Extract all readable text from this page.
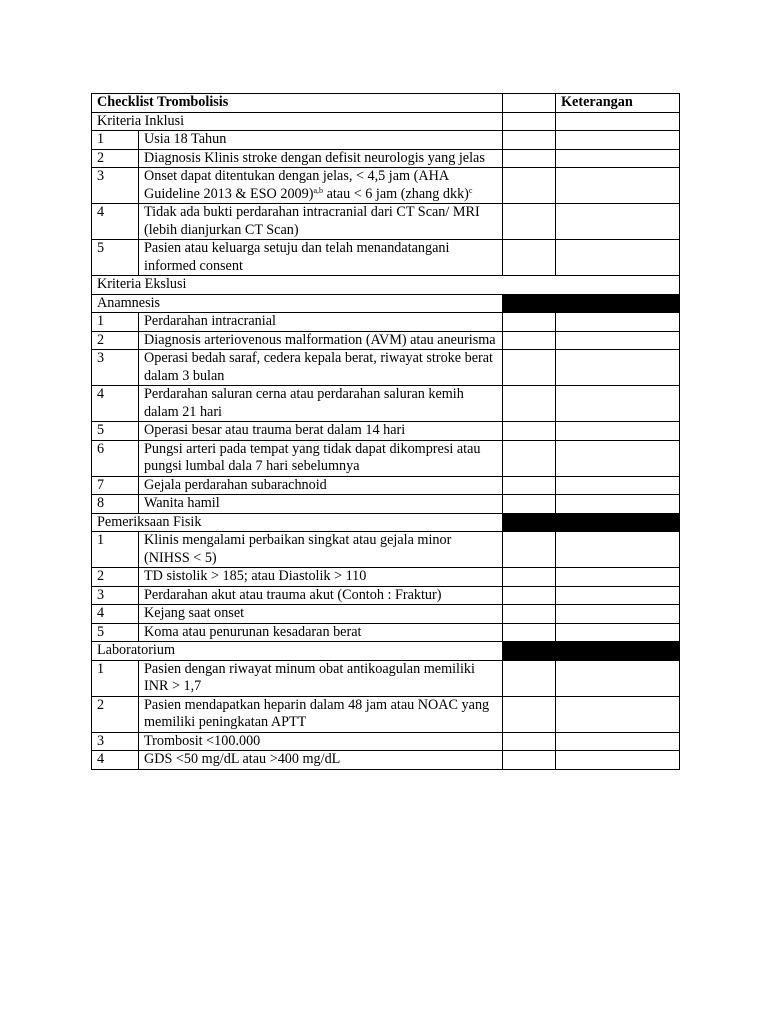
Checklist Trombolisis			Keterangan
Kriteria Inklusi			
1	Usia 18 Tahun		
2	Diagnosis Klinis stroke dengan defisit neurologis yang jelas		
3	Onset dapat ditentukan dengan jelas, < 4,5 jam (AHA Guideline 2013 & ESO 2009)$^{a,b}$ atau < 6 jam (zhang dkk)$^c$		
4	Tidak ada bukti perdarahan intracranial dari CT Scan/ MRI (lebih dianjurkan CT Scan)		
5	Pasien atau keluarga setuju dan telah menandatangani informed consent		
Kriteria Ekslusi			
Anamnesis			
1	Perdarahan intracranial		
2	Diagnosis arteriovenous malformation (AVM) atau aneurisma		
3	Operasi bedah saraf, cedera kepala berat, riwayat stroke berat dalam 3 bulan		
4	Perdarahan saluran cerna atau perdarahan saluran kemih dalam 21 hari		
5	Operasi besar atau trauma berat dalam 14 hari		
6	Pungsi arteri pada tempat yang tidak dapat dikompresi atau pungsi lumbal dala 7 hari sebelumnya		
7	Gejala perdarahan subarachnoid		
8	Wanita hamil		
Pemeriksaan Fisik			
1	Klinis mengalami perbaikan singkat atau gejala minor (NIHSS < 5)		
2	TD sistolik > 185; atau Diastolik > 110		
3	Perdarahan akut atau trauma akut (Contoh : Fraktur)		
4	Kejang saat onset		
5	Koma atau penurunan kesadaran berat		
Laboratorium			
1	Pasien dengan riwayat minum obat antikoagulan memiliki INR > 1,7		
2	Pasien mendapatkan heparin dalam 48 jam atau NOAC yang memiliki peningkatan APTT		
3	Trombosit <100.000		
4	GDS <50 mg/dL atau >400 mg/dL		
